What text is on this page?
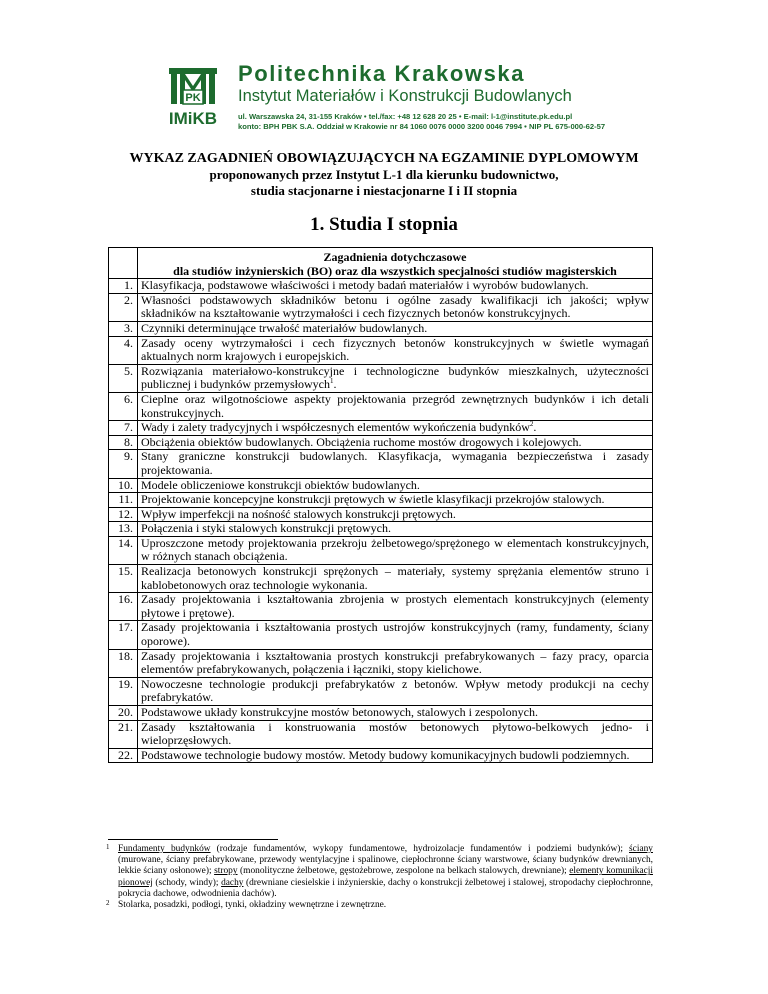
PK
IMiKB
Politechnika Krakowska
Instytut Materiałów i Konstrukcji Budowlanych
ul. Warszawska 24, 31-155 Kraków • tel./fax: +48 12 628 20 25 • E-mail: l-1@institute.pk.edu.pl
konto: BPH PBK S.A. Oddział w Krakowie nr 84 1060 0076 0000 3200 0046 7994 • NIP PL 675-000-62-57
WYKAZ ZAGADNIEŃ OBOWIĄZUJĄCYCH NA EGZAMINIE DYPLOMOWYM
proponowanych przez Instytut L-1 dla kierunku budownictwo,
studia stacjonarne i niestacjonarne I i II stopnia
1. Studia I stopnia

	Zagadnienia dotychczasowe
dla studiów inżynierskich (BO) oraz dla wszystkich specjalności studiów magisterskich

1.	Klasyfikacja, podstawowe właściwości i metody badań materiałów i wyrobów budowlanych.
2.	Własności podstawowych składników betonu i ogólne zasady kwalifikacji ich jakości; wpływ składników na kształtowanie wytrzymałości i cech fizycznych betonów konstrukcyjnych.
3.	Czynniki determinujące trwałość materiałów budowlanych.
4.	Zasady oceny wytrzymałości i cech fizycznych betonów konstrukcyjnych w świetle wymagań aktualnych norm krajowych i europejskich.
5.	Rozwiązania materiałowo-konstrukcyjne i technologiczne budynków mieszkalnych, użyteczności publicznej i budynków przemysłowych$^1$.
6.	Cieplne oraz wilgotnościowe aspekty projektowania przegród zewnętrznych budynków i ich detali konstrukcyjnych.
7.	Wady i zalety tradycyjnych i współczesnych elementów wykończenia budynków$^2$.
8.	Obciążenia obiektów budowlanych. Obciążenia ruchome mostów drogowych i kolejowych.
9.	Stany graniczne konstrukcji budowlanych. Klasyfikacja, wymagania bezpieczeństwa i zasady projektowania.
10.	Modele obliczeniowe konstrukcji obiektów budowlanych.
11.	Projektowanie koncepcyjne konstrukcji prętowych w świetle klasyfikacji przekrojów stalowych.
12.	Wpływ imperfekcji na nośność stalowych konstrukcji prętowych.
13.	Połączenia i styki stalowych konstrukcji prętowych.
14.	Uproszczone metody projektowania przekroju żelbetowego/sprężonego w elementach konstrukcyjnych, w różnych stanach obciążenia.
15.	Realizacja betonowych konstrukcji sprężonych – materiały, systemy sprężania elementów struno i kablobetonowych oraz technologie wykonania.
16.	Zasady projektowania i kształtowania zbrojenia w prostych elementach konstrukcyjnych (elementy płytowe i prętowe).
17.	Zasady projektowania i kształtowania prostych ustrojów konstrukcyjnych (ramy, fundamenty, ściany oporowe).
18.	Zasady projektowania i kształtowania prostych konstrukcji prefabrykowanych – fazy pracy, oparcia elementów prefabrykowanych, połączenia i łączniki, stopy kielichowe.
19.	Nowoczesne technologie produkcji prefabrykatów z betonów. Wpływ metody produkcji na cechy prefabrykatów.
20.	Podstawowe układy konstrukcyjne mostów betonowych, stalowych i zespolonych.
21.	Zasady kształtowania i konstruowania mostów betonowych płytowo-belkowych jedno- i wieloprzęsłowych.
22.	Podstawowe technologie budowy mostów. Metody budowy komunikacyjnych budowli podziemnych.
1 Fundamenty budynków (rodzaje fundamentów, wykopy fundamentowe, hydroizolacje fundamentów i podziemi budynków); ściany (murowane, ściany prefabrykowane, przewody wentylacyjne i spalinowe, ciepłochronne ściany warstwowe, ściany budynków drewnianych, lekkie ściany osłonowe); stropy (monolityczne żelbetowe, gęstożebrowe, zespolone na belkach stalowych, drewniane); elementy komunikacji pionowej (schody, windy); dachy (drewniane ciesielskie i inżynierskie, dachy o konstrukcji żelbetowej i stalowej, stropodachy ciepłochronne, pokrycia dachowe, odwodnienia dachów).
2 Stolarka, posadzki, podłogi, tynki, okładziny wewnętrzne i zewnętrzne.
